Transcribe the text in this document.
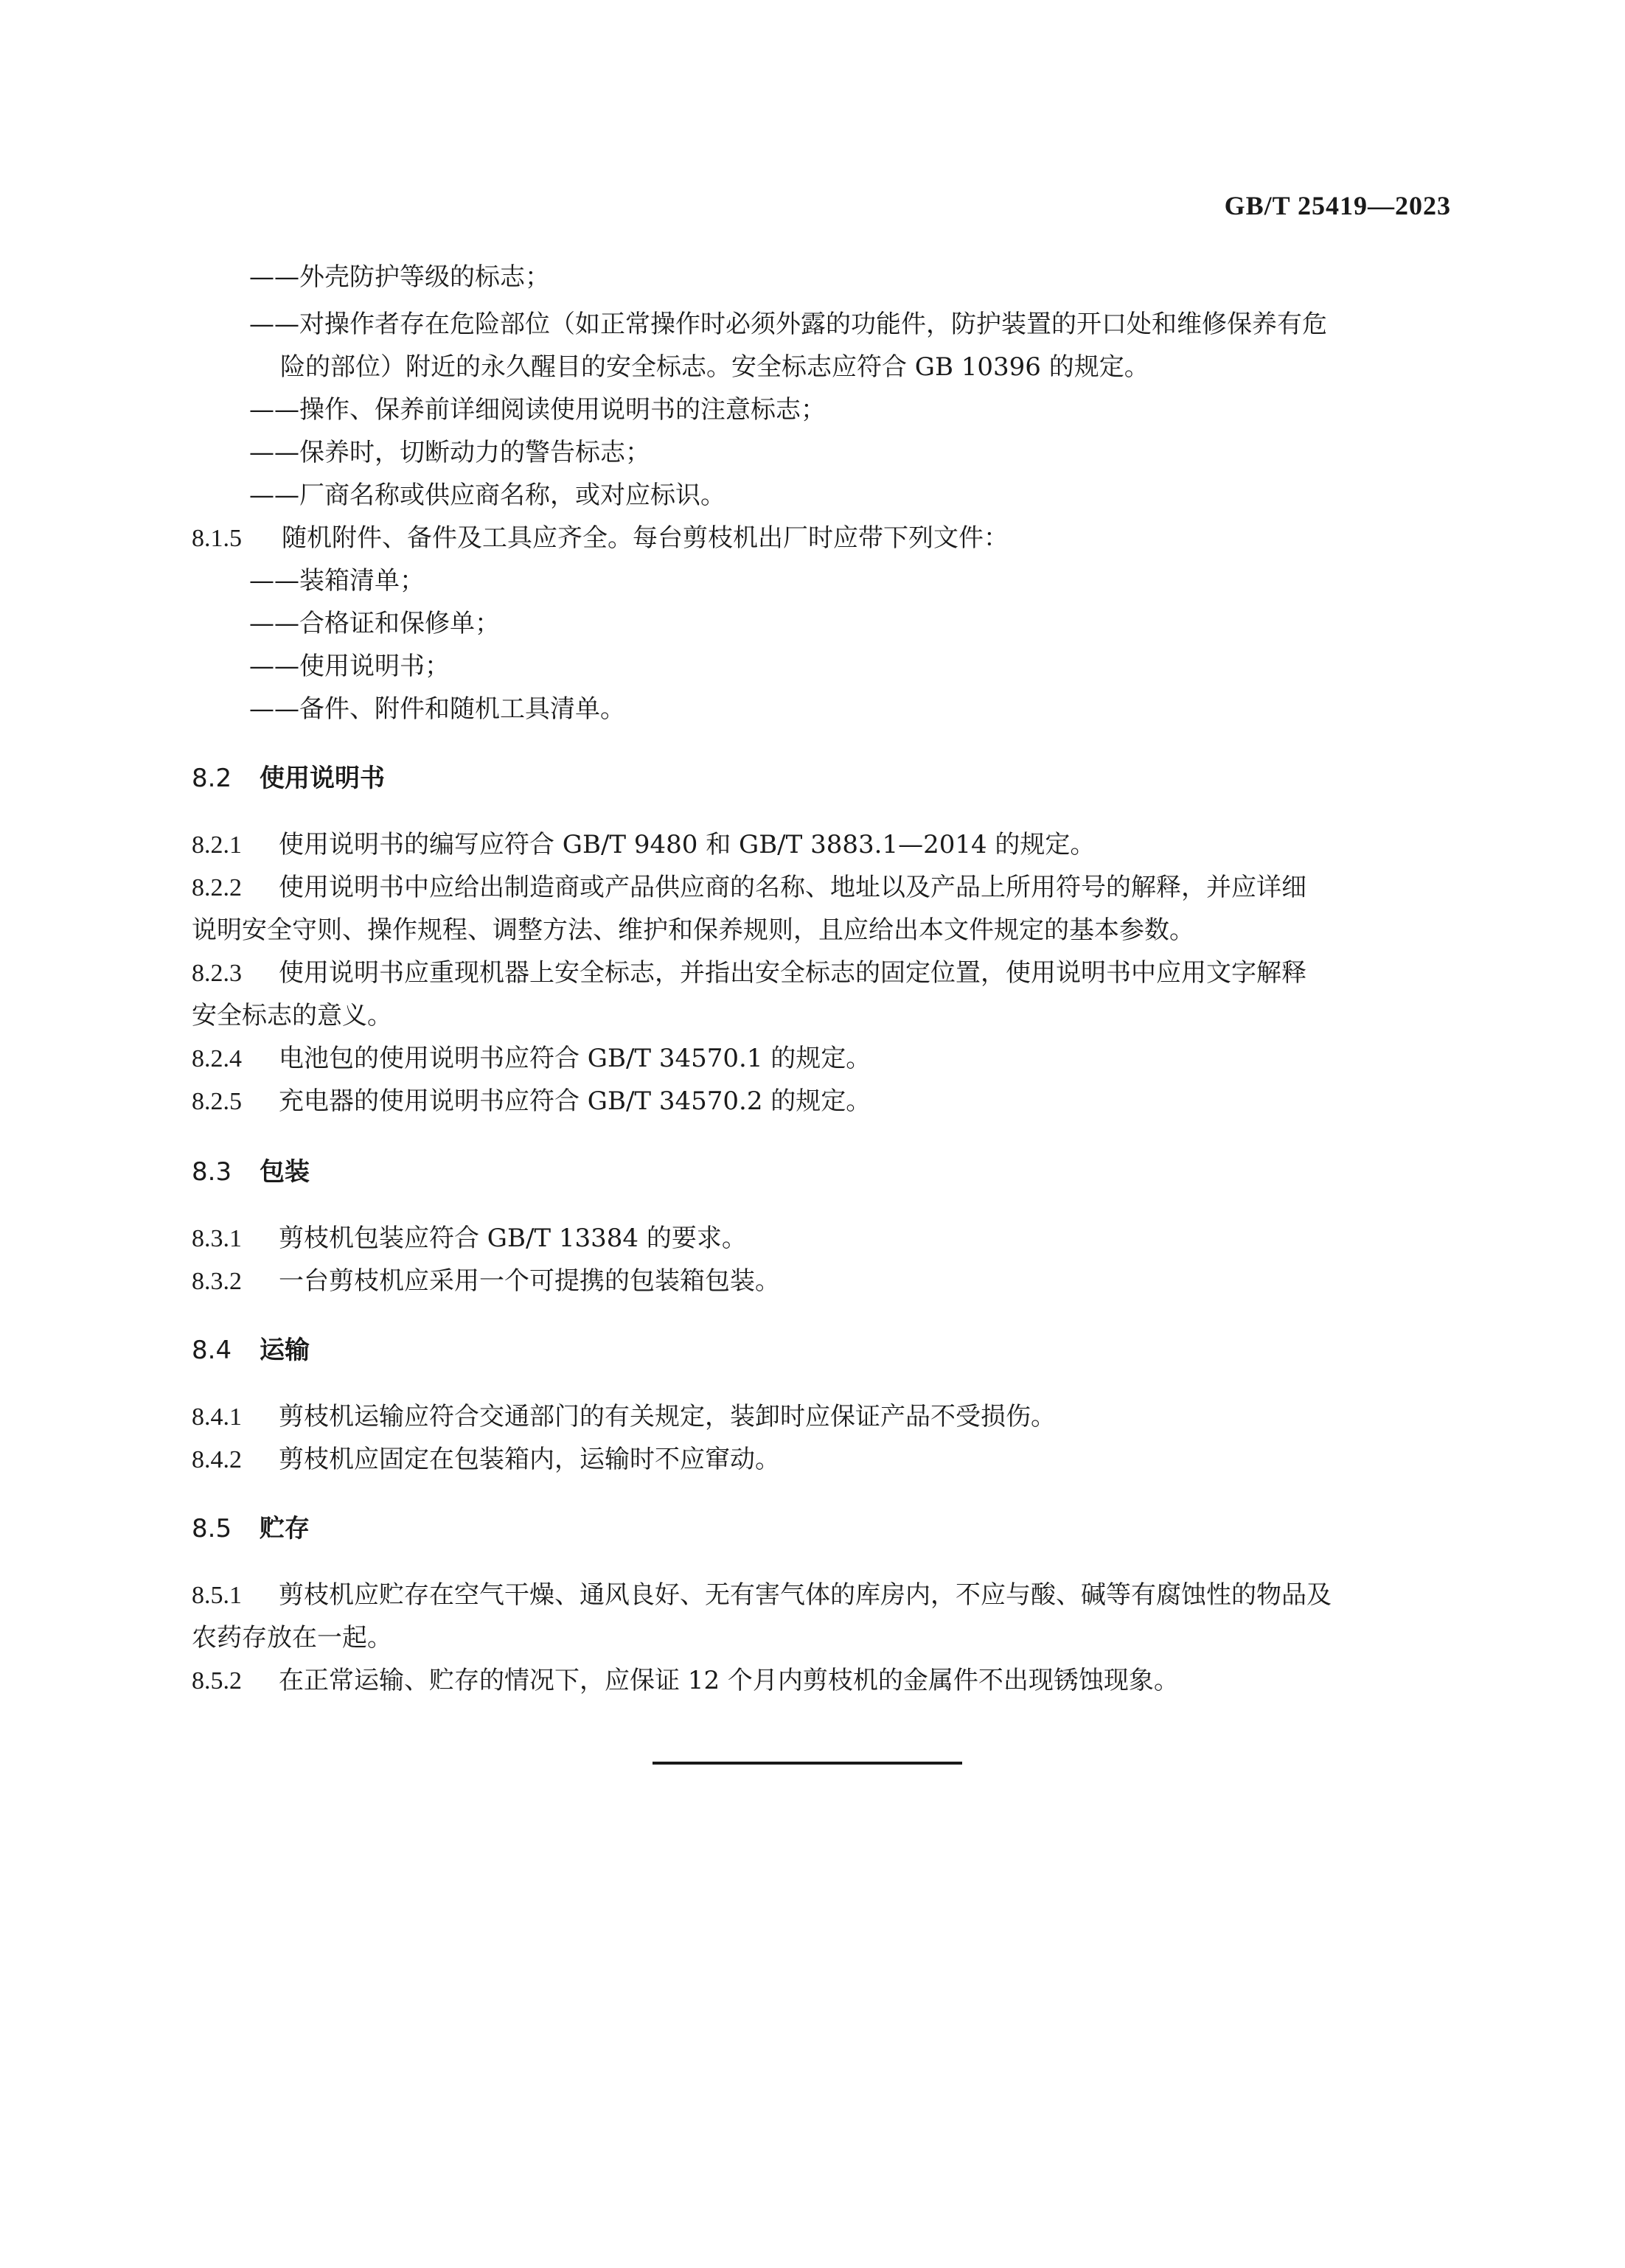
GB/T 25419—2023
——外壳防护等级的标志；
——对操作者存在危险部位（如正常操作时必须外露的功能件，防护装置的开口处和维修保养有危
险的部位）附近的永久醒目的安全标志。安全标志应符合 GB 10396 的规定。
——操作、保养前详细阅读使用说明书的注意标志；
——保养时，切断动力的警告标志；
——厂商名称或供应商名称，或对应标识。
8.1.5 随机附件、备件及工具应齐全。每台剪枝机出厂时应带下列文件：
——装箱清单；
——合格证和保修单；
——使用说明书；
——备件、附件和随机工具清单。
8.2 使用说明书
8.2.1 使用说明书的编写应符合 GB/T 9480 和 GB/T 3883.1—2014 的规定。
8.2.2 使用说明书中应给出制造商或产品供应商的名称、地址以及产品上所用符号的解释，并应详细
说明安全守则、操作规程、调整方法、维护和保养规则，且应给出本文件规定的基本参数。
8.2.3 使用说明书应重现机器上安全标志，并指出安全标志的固定位置，使用说明书中应用文字解释
安全标志的意义。
8.2.4 电池包的使用说明书应符合 GB/T 34570.1 的规定。
8.2.5 充电器的使用说明书应符合 GB/T 34570.2 的规定。
8.3 包装
8.3.1 剪枝机包装应符合 GB/T 13384 的要求。
8.3.2 一台剪枝机应采用一个可提携的包装箱包装。
8.4 运输
8.4.1 剪枝机运输应符合交通部门的有关规定，装卸时应保证产品不受损伤。
8.4.2 剪枝机应固定在包装箱内，运输时不应窜动。
8.5 贮存
8.5.1 剪枝机应贮存在空气干燥、通风良好、无有害气体的库房内，不应与酸、碱等有腐蚀性的物品及
农药存放在一起。
8.5.2 在正常运输、贮存的情况下，应保证 12 个月内剪枝机的金属件不出现锈蚀现象。
